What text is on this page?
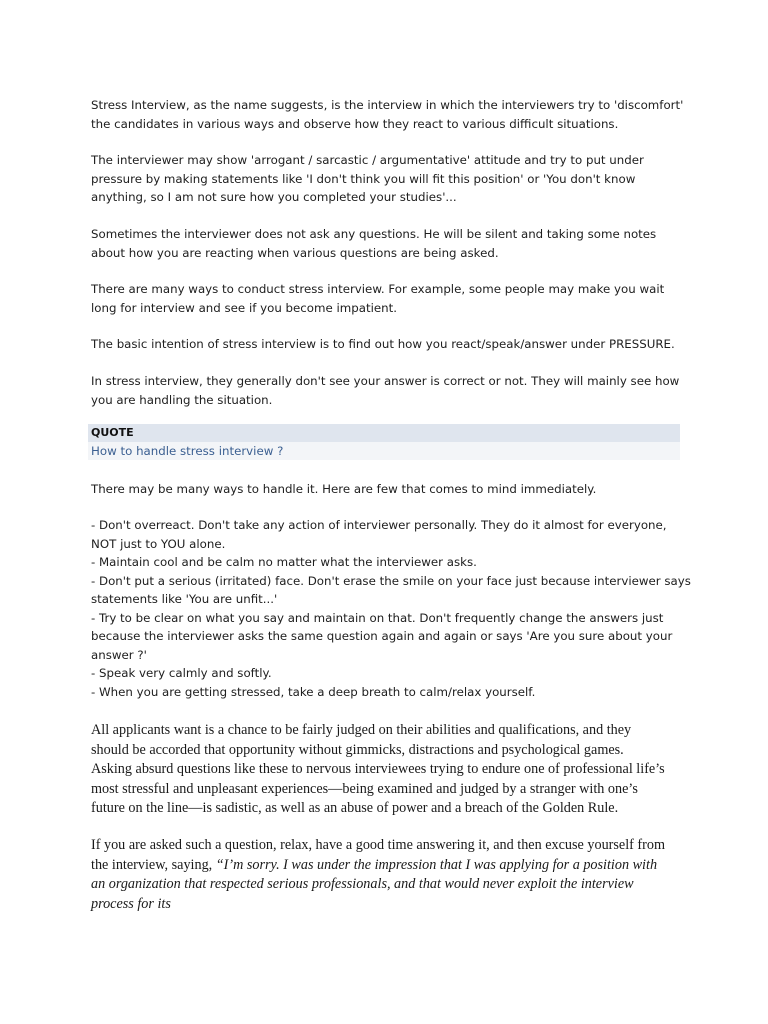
Stress Interview, as the name suggests, is the interview in which the interviewers try to 'discomfort' the candidates in various ways and observe how they react to various difficult situations.

The interviewer may show 'arrogant / sarcastic / argumentative' attitude and try to put under pressure by making statements like 'I don't think you will fit this position' or 'You don't know anything, so I am not sure how you completed your studies'...

Sometimes the interviewer does not ask any questions. He will be silent and taking some notes about how you are reacting when various questions are being asked.

There are many ways to conduct stress interview. For example, some people may make you wait long for interview and see if you become impatient.

The basic intention of stress interview is to find out how you react/speak/answer under PRESSURE.

In stress interview, they generally don't see your answer is correct or not. They will mainly see how you are handling the situation.

QUOTE
How to handle stress interview ?

There may be many ways to handle it. Here are few that comes to mind immediately.

- Don't overreact. Don't take any action of interviewer personally. They do it almost for everyone, NOT just to YOU alone.
- Maintain cool and be calm no matter what the interviewer asks.
- Don't put a serious (irritated) face. Don't erase the smile on your face just because interviewer says statements like 'You are unfit...'
- Try to be clear on what you say and maintain on that. Don't frequently change the answers just because the interviewer asks the same question again and again or says 'Are you sure about your answer ?'
- Speak very calmly and softly.
- When you are getting stressed, take a deep breath to calm/relax yourself.

All applicants want is a chance to be fairly judged on their abilities and qualifications, and they should be accorded that opportunity without gimmicks, distractions and psychological games. Asking absurd questions like these to nervous interviewees trying to endure one of professional life’s most stressful and unpleasant experiences—being examined and judged by a stranger with one’s future on the line—is sadistic, as well as an abuse of power and a breach of the Golden Rule.

If you are asked such a question, relax, have a good time answering it, and then excuse yourself from the interview, saying, “I’m sorry. I was under the impression that I was applying for a position with an organization that respected serious professionals, and that would never exploit the interview process for its
